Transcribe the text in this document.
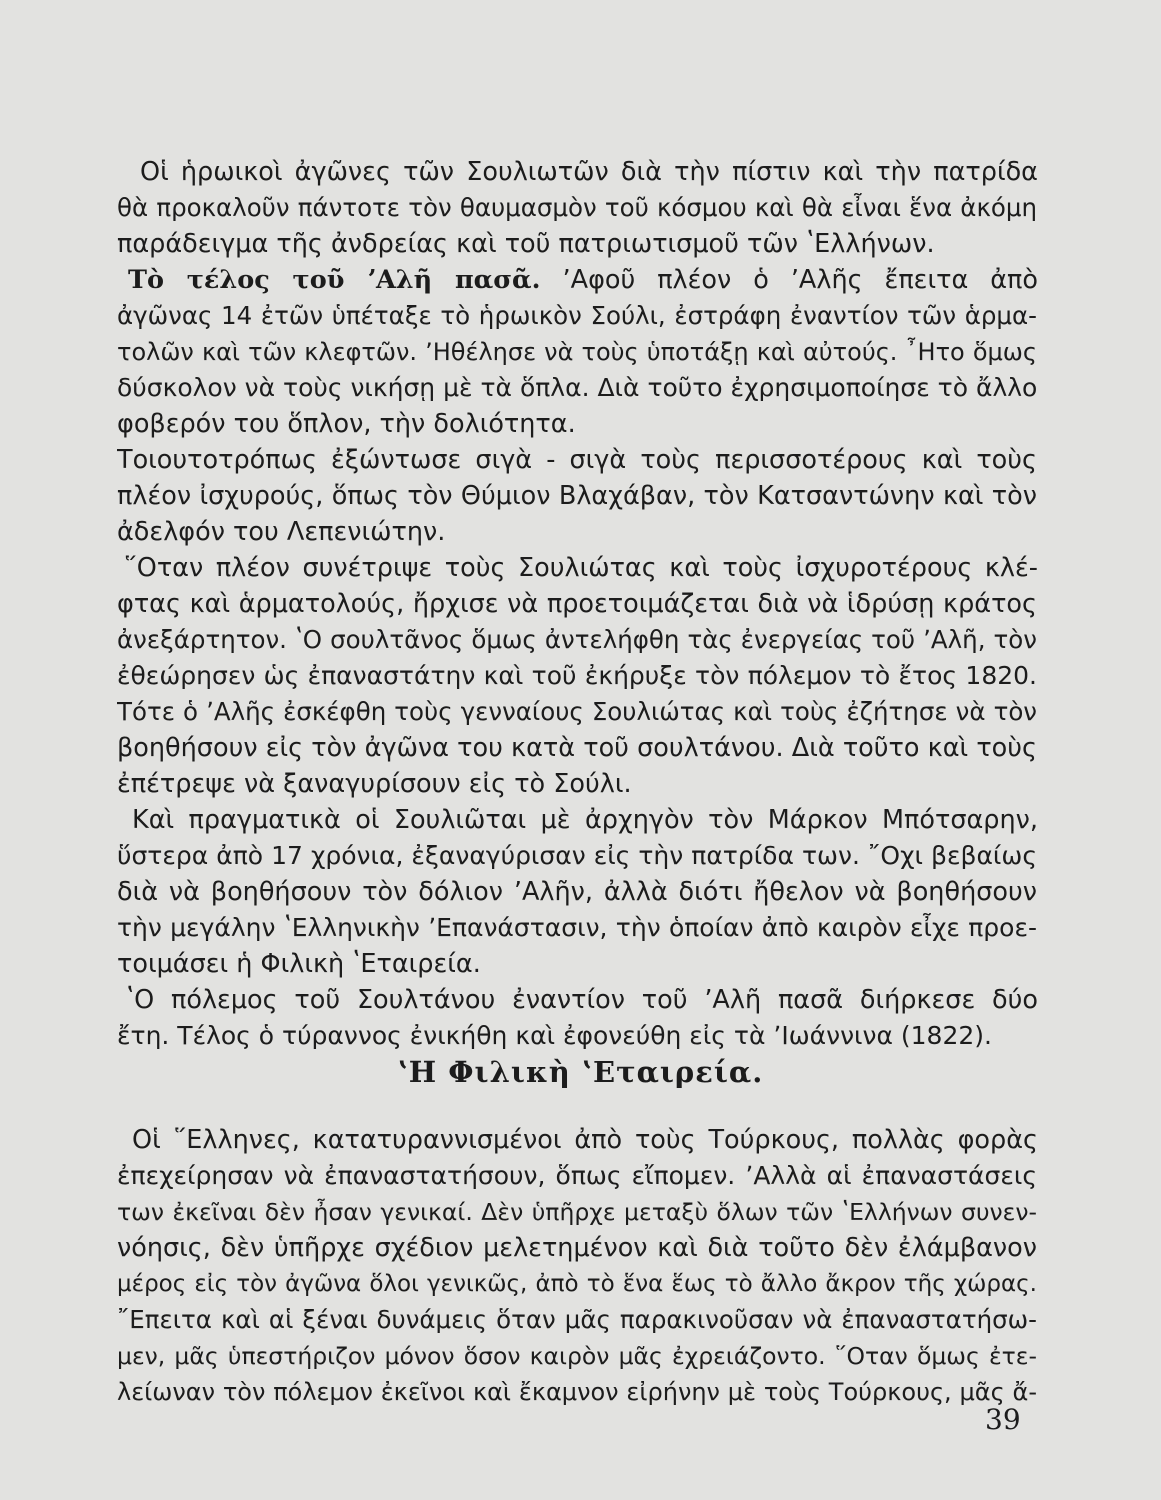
Οἱ ἡρωικοὶ ἀγῶνες τῶν Σουλιωτῶν διὰ τὴν πίστιν καὶ τὴν πατρίδα
θὰ προκαλοῦν πάντοτε τὸν θαυμασμὸν τοῦ κόσμου καὶ θὰ εἶναι ἕνα ἀκόμη
παράδειγμα τῆς ἀνδρείας καὶ τοῦ πατριωτισμοῦ τῶν ʽΕλλήνων.
Τὸ τέλος τοῦ ʼΑλῆ πασᾶ. ʼΑφοῦ πλέον ὁ ʼΑλῆς ἔπειτα ἀπὸ
ἀγῶνας 14 ἐτῶν ὑπέταξε τὸ ἡρωικὸν Σούλι, ἐστράφη ἐναντίον τῶν ἁρμα-
τολῶν καὶ τῶν κλεφτῶν. ʼΗθέλησε νὰ τοὺς ὑποτάξῃ καὶ αὐτούς. ῏Ητο ὅμως
δύσκολον νὰ τοὺς νικήσῃ μὲ τὰ ὅπλα. Διὰ τοῦτο ἐχρησιμοποίησε τὸ ἄλλο
φοβερόν του ὅπλον, τὴν δολιότητα.
Τοιουτοτρόπως ἐξώντωσε σιγὰ - σιγὰ τοὺς περισσοτέρους καὶ τοὺς
πλέον ἰσχυρούς, ὅπως τὸν Θύμιον Βλαχάβαν, τὸν Κατσαντώνην καὶ τὸν
ἀδελφόν του Λεπενιώτην.
῞Οταν πλέον συνέτριψε τοὺς Σουλιώτας καὶ τοὺς ἰσχυροτέρους κλέ-
φτας καὶ ἁρματολούς, ἤρχισε νὰ προετοιμάζεται διὰ νὰ ἱδρύσῃ κράτος
ἀνεξάρτητον. ʽΟ σουλτᾶνος ὅμως ἀντελήφθη τὰς ἐνεργείας τοῦ ʼΑλῆ, τὸν
ἐθεώρησεν ὡς ἐπαναστάτην καὶ τοῦ ἐκήρυξε τὸν πόλεμον τὸ ἔτος 1820.
Τότε ὁ ʼΑλῆς ἐσκέφθη τοὺς γενναίους Σουλιώτας καὶ τοὺς ἐζήτησε νὰ τὸν
βοηθήσουν εἰς τὸν ἀγῶνα του κατὰ τοῦ σουλτάνου. Διὰ τοῦτο καὶ τοὺς
ἐπέτρεψε νὰ ξαναγυρίσουν εἰς τὸ Σούλι.
Καὶ πραγματικὰ οἱ Σουλιῶται μὲ ἀρχηγὸν τὸν Μάρκον Μπότσαρην,
ὕστερα ἀπὸ 17 χρόνια, ἐξαναγύρισαν εἰς τὴν πατρίδα των. ῎Οχι βεβαίως
διὰ νὰ βοηθήσουν τὸν δόλιον ʼΑλῆν, ἀλλὰ διότι ἤθελον νὰ βοηθήσουν
τὴν μεγάλην ʽΕλληνικὴν ʼΕπανάστασιν, τὴν ὁποίαν ἀπὸ καιρὸν εἶχε προε-
τοιμάσει ἡ Φιλικὴ ʽΕταιρεία.
ʽΟ πόλεμος τοῦ Σουλτάνου ἐναντίον τοῦ ʼΑλῆ πασᾶ διήρκεσε δύο
ἔτη. Τέλος ὁ τύραννος ἐνικήθη καὶ ἐφονεύθη εἰς τὰ ʼΙωάννινα (1822).
ʽΗ Φιλικὴ ʽΕταιρεία.
Οἱ ῞Ελληνες, κατατυραννισμένοι ἀπὸ τοὺς Τούρκους, πολλὰς φορὰς
ἐπεχείρησαν νὰ ἐπαναστατήσουν, ὅπως εἴπομεν. ʼΑλλὰ αἱ ἐπαναστάσεις
των ἐκεῖναι δὲν ἦσαν γενικαί. Δὲν ὑπῆρχε μεταξὺ ὅλων τῶν ʽΕλλήνων συνεν-
νόησις, δὲν ὑπῆρχε σχέδιον μελετημένον καὶ διὰ τοῦτο δὲν ἐλάμβανον
μέρος εἰς τὸν ἀγῶνα ὅλοι γενικῶς, ἀπὸ τὸ ἕνα ἕως τὸ ἄλλο ἄκρον τῆς χώρας.
῎Επειτα καὶ αἱ ξέναι δυνάμεις ὅταν μᾶς παρακινοῦσαν νὰ ἐπαναστατήσω-
μεν, μᾶς ὑπεστήριζον μόνον ὅσον καιρὸν μᾶς ἐχρειάζοντο. ῞Οταν ὅμως ἐτε-
λείωναν τὸν πόλεμον ἐκεῖνοι καὶ ἔκαμνον εἰρήνην μὲ τοὺς Τούρκους, μᾶς ἄ-
39
